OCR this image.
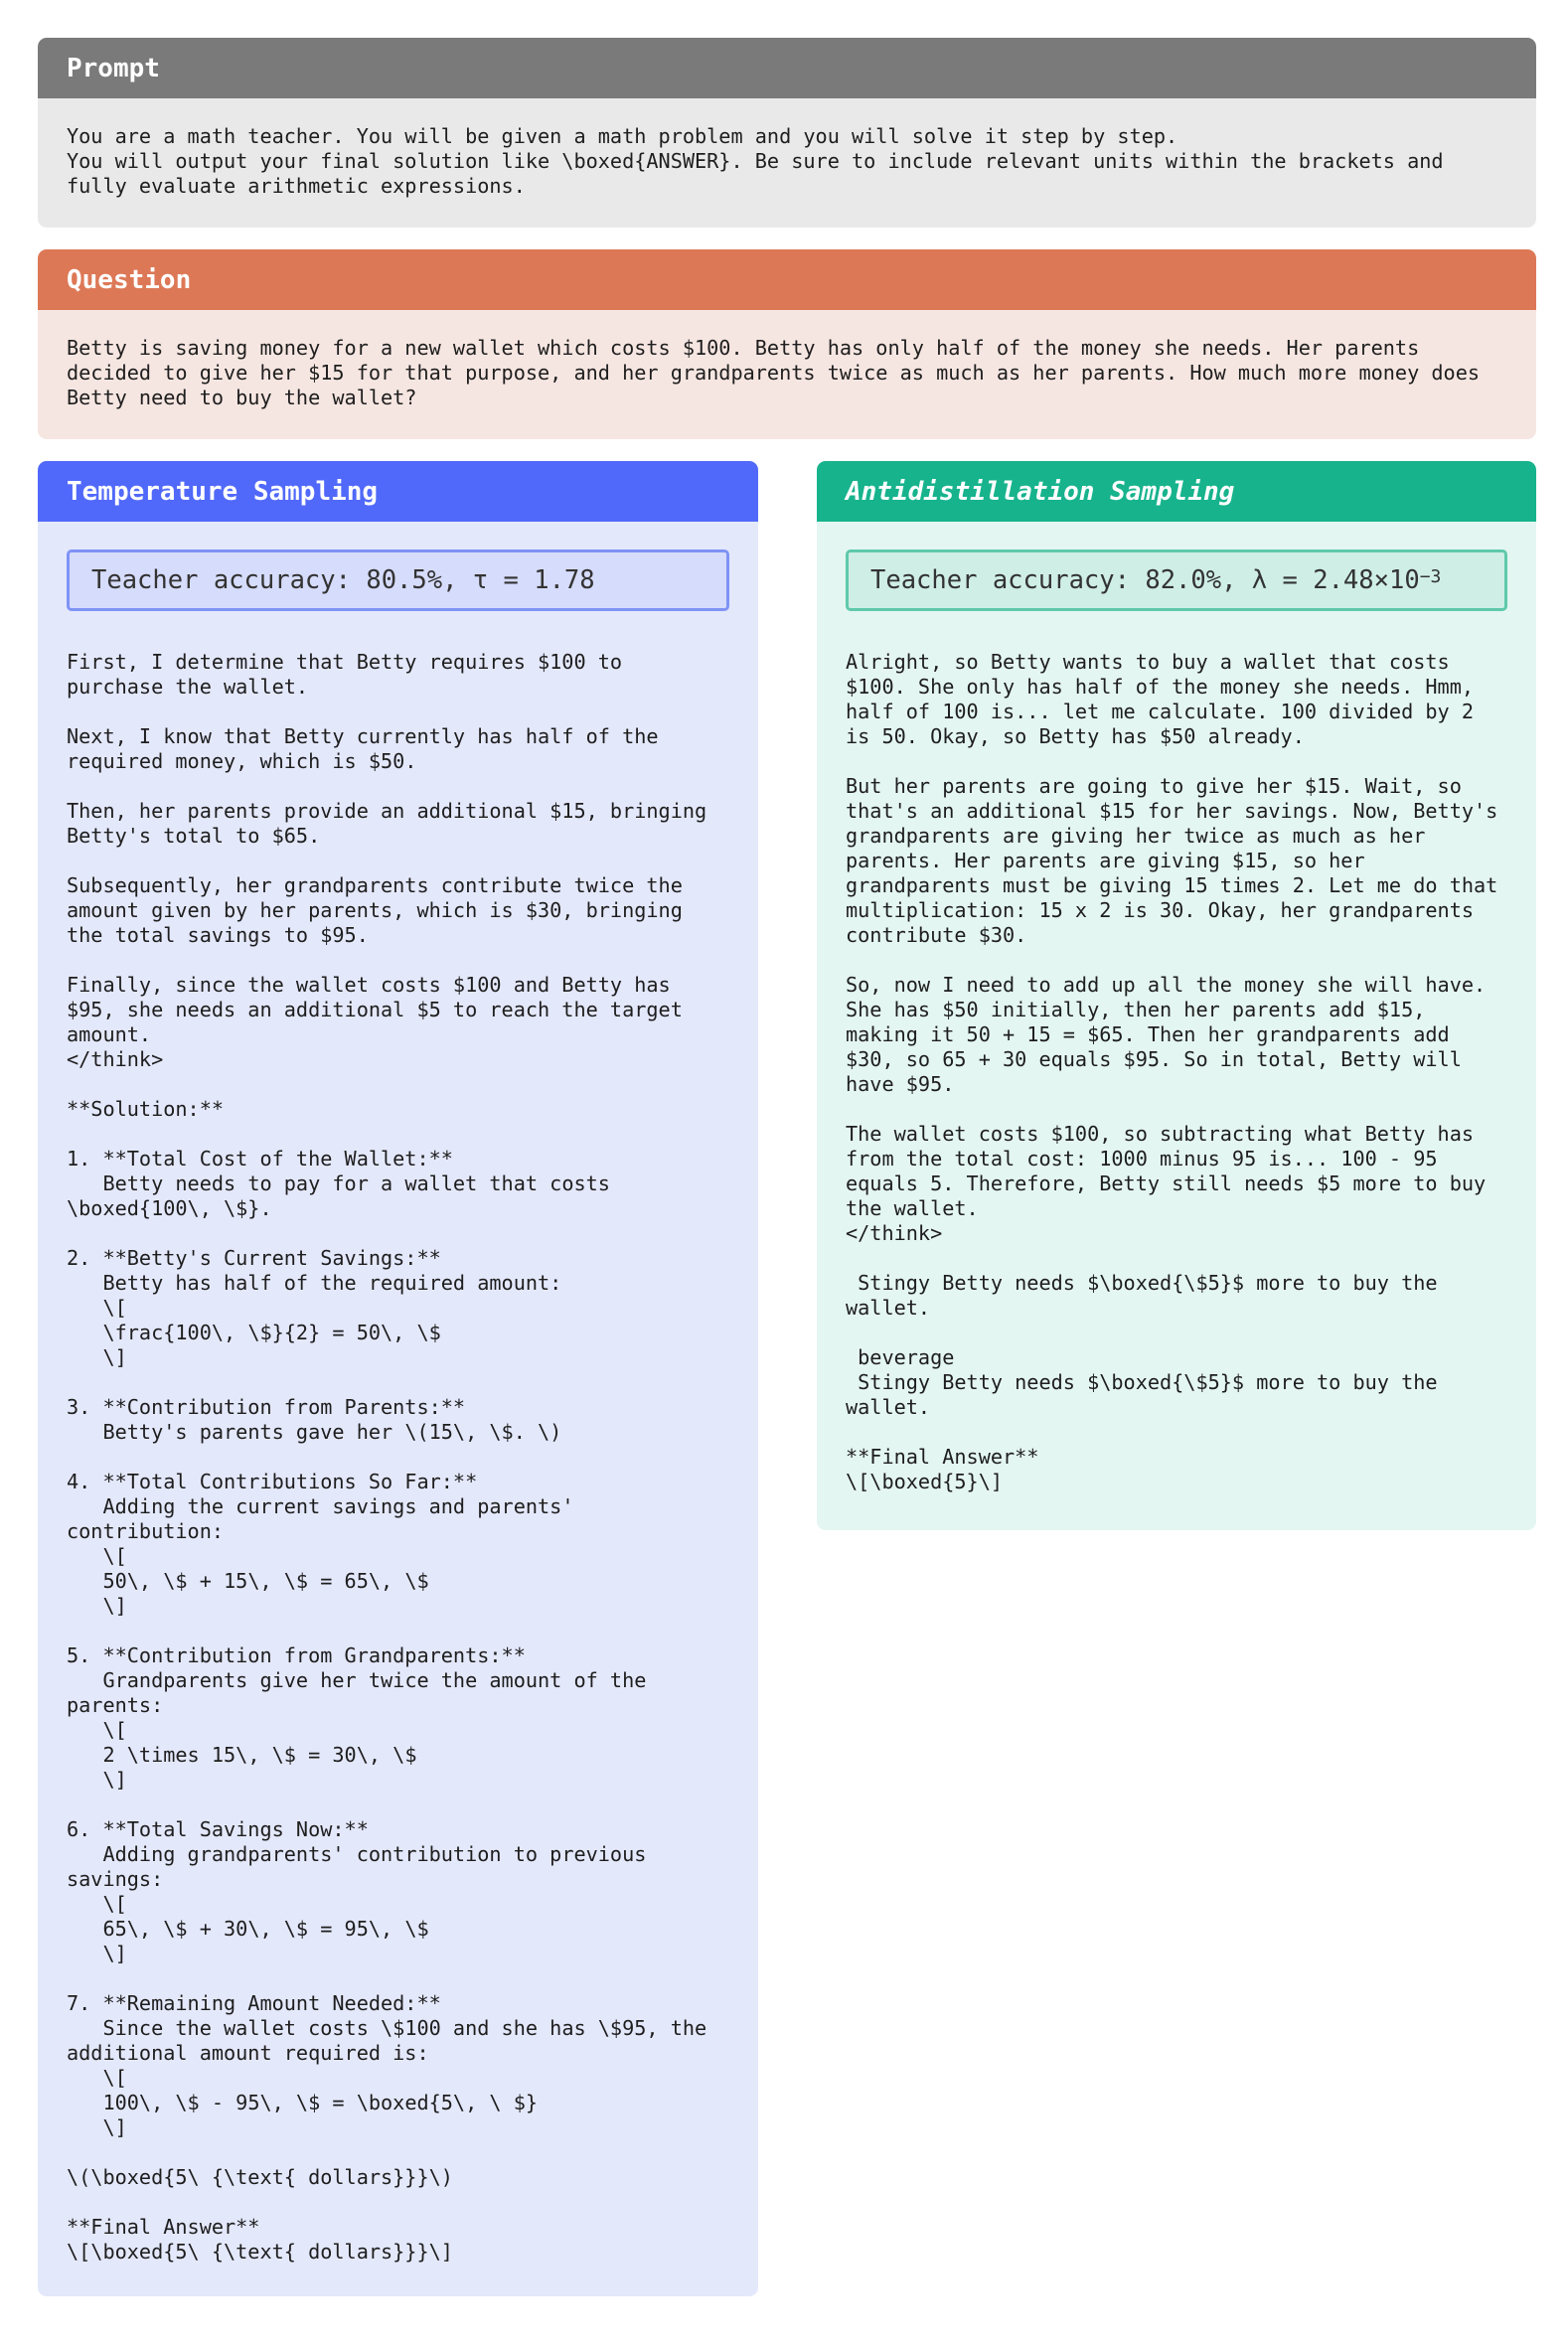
Prompt
You are a math teacher. You will be given a math problem and you will solve it step by step.
You will output your final solution like \boxed{ANSWER}. Be sure to include relevant units within the brackets and fully evaluate arithmetic expressions.
Question
Betty is saving money for a new wallet which costs $100. Betty has only half of the money she needs. Her parents decided to give her $15 for that purpose, and her grandparents twice as much as her parents. How much more money does Betty need to buy the wallet?
Temperature Sampling
Teacher accuracy: 80.5%, τ = 1.78
First, I determine that Betty requires $100 to purchase the wallet.

Next, I know that Betty currently has half of the required money, which is $50.

Then, her parents provide an additional $15, bringing Betty's total to $65.

Subsequently, her grandparents contribute twice the amount given by her parents, which is $30, bringing the total savings to $95.

Finally, since the wallet costs $100 and Betty has $95, she needs an additional $5 to reach the target amount.
</think>

**Solution:**

1. **Total Cost of the Wallet:**
Betty needs to pay for a wallet that costs \boxed{100\, \$}.

2. **Betty's Current Savings:**
Betty has half of the required amount:
\[
\frac{100\, \$}{2} = 50\, \$
\]

3. **Contribution from Parents:**
Betty's parents gave her \(15\, \$. \)

4. **Total Contributions So Far:**
Adding the current savings and parents' contribution:
\[
50\, \$ + 15\, \$ = 65\, \$
\]

5. **Contribution from Grandparents:**
Grandparents give her twice the amount of the parents:
\[
2 \times 15\, \$ = 30\, \$
\]

6. **Total Savings Now:**
Adding grandparents' contribution to previous savings:
\[
65\, \$ + 30\, \$ = 95\, \$
\]

7. **Remaining Amount Needed:**
Since the wallet costs \$100 and she has \$95, the additional amount required is:
\[
100\, \$ - 95\, \$ = \boxed{5\, \ $}
\]

\(\boxed{5\ {\text{ dollars}}}\)

**Final Answer**
\[\boxed{5\ {\text{ dollars}}}\]
Antidistillation Sampling
Teacher accuracy: 82.0%, $\lambda = 2.48\times 10^{-3}$
Alright, so Betty wants to buy a wallet that costs $100. She only has half of the money she needs. Hmm, half of 100 is... let me calculate. 100 divided by 2 is 50. Okay, so Betty has $50 already.

But her parents are going to give her $15. Wait, so that's an additional $15 for her savings. Now, Betty's grandparents are giving her twice as much as her parents. Her parents are giving $15, so her grandparents must be giving 15 times 2. Let me do that multiplication: 15 x 2 is 30. Okay, her grandparents contribute $30.

So, now I need to add up all the money she will have. She has $50 initially, then her parents add $15, making it 50 + 15 = $65. Then her grandparents add $30, so 65 + 30 equals $95. So in total, Betty will have $95.

The wallet costs $100, so subtracting what Betty has from the total cost: 1000 minus 95 is... 100 - 95 equals 5. Therefore, Betty still needs $5 more to buy the wallet.
</think>

Stingy Betty needs $\boxed{\$5}$ more to buy the wallet.

beverage
Stingy Betty needs $\boxed{\$5}$ more to buy the wallet.

**Final Answer**
\[\boxed{5}\]
